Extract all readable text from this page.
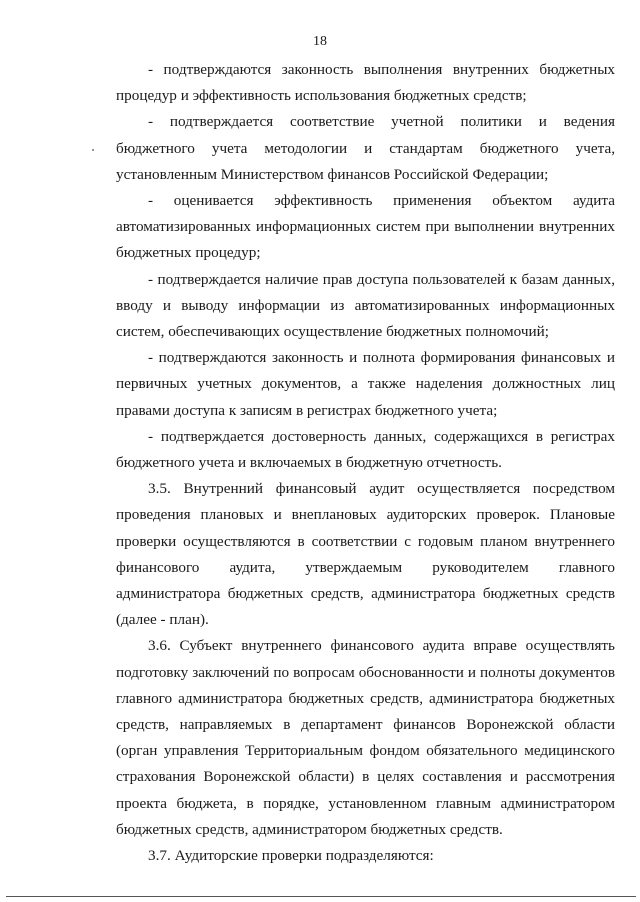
18

- подтверждаются законность выполнения внутренних бюджетных процедур и эффективность использования бюджетных средств;

- подтверждается соответствие учетной политики и ведения бюджетного учета методологии и стандартам бюджетного учета, установленным Министерством финансов Российской Федерации;

- оценивается эффективность применения объектом аудита автоматизированных информационных систем при выполнении внутренних бюджетных процедур;

- подтверждается наличие прав доступа пользователей к базам данных, вводу и выводу информации из автоматизированных информационных систем, обеспечивающих осуществление бюджетных полномочий;

- подтверждаются законность и полнота формирования финансовых и первичных учетных документов, а также наделения должностных лиц правами доступа к записям в регистрах бюджетного учета;

- подтверждается достоверность данных, содержащихся в регистрах бюджетного учета и включаемых в бюджетную отчетность.

3.5. Внутренний финансовый аудит осуществляется посредством проведения плановых и внеплановых аудиторских проверок. Плановые проверки осуществляются в соответствии с годовым планом внутреннего финансового аудита, утверждаемым руководителем главного администратора бюджетных средств, администратора бюджетных средств (далее - план).

3.6. Субъект внутреннего финансового аудита вправе осуществлять подготовку заключений по вопросам обоснованности и полноты документов главного администратора бюджетных средств, администратора бюджетных средств, направляемых в департамент финансов Воронежской области (орган управления Территориальным фондом обязательного медицинского страхования Воронежской области) в целях составления и рассмотрения проекта бюджета, в порядке, установленном главным администратором бюджетных средств, администратором бюджетных средств.

3.7. Аудиторские проверки подразделяются:
